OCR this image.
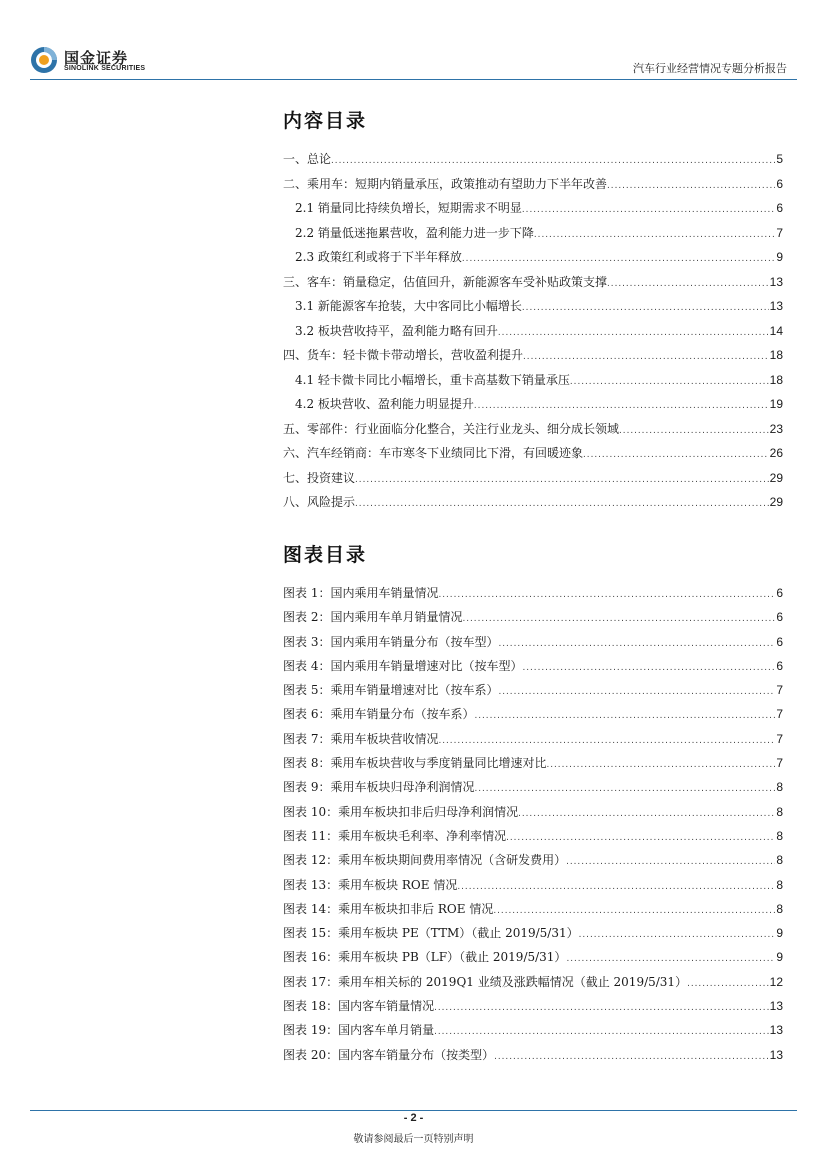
国金证券
SINOLINK SECURITIES	汽车行业经营情况专题分析报告
内容目录
一、总论 .....	5
二、乘用车：短期内销量承压，政策推动有望助力下半年改善 .....	6
2.1 销量同比持续负增长，短期需求不明显 .....	6
2.2 销量低迷拖累营收，盈利能力进一步下降 .....	7
2.3 政策红利或将于下半年释放 .....	9
三、客车：销量稳定，估值回升，新能源客车受补贴政策支撑 .....	13
3.1 新能源客车抢装，大中客同比小幅增长 .....	13
3.2 板块营收持平，盈利能力略有回升 .....	14
四、货车：轻卡微卡带动增长，营收盈利提升 .....	18
4.1 轻卡微卡同比小幅增长，重卡高基数下销量承压 .....	18
4.2 板块营收、盈利能力明显提升 .....	19
五、零部件：行业面临分化整合，关注行业龙头、细分成长领域 .....	23
六、汽车经销商：车市寒冬下业绩同比下滑，有回暖迹象 .....	26
七、投资建议 .....	29
八、风险提示 .....	29
图表目录
图表 1：国内乘用车销量情况 .....	6
图表 2：国内乘用车单月销量情况 .....	6
图表 3：国内乘用车销量分布（按车型） .....	6
图表 4：国内乘用车销量增速对比（按车型） .....	6
图表 5：乘用车销量增速对比（按车系） .....	7
图表 6：乘用车销量分布（按车系） .....	7
图表 7：乘用车板块营收情况 .....	7
图表 8：乘用车板块营收与季度销量同比增速对比 .....	7
图表 9：乘用车板块归母净利润情况 .....	8
图表 10：乘用车板块扣非后归母净利润情况 .....	8
图表 11：乘用车板块毛利率、净利率情况 .....	8
图表 12：乘用车板块期间费用率情况（含研发费用） .....	8
图表 13：乘用车板块 ROE 情况 .....	8
图表 14：乘用车板块扣非后 ROE 情况 .....	8
图表 15：乘用车板块 PE（TTM）（截止 2019/5/31） .....	9
图表 16：乘用车板块 PB（LF）（截止 2019/5/31） .....	9
图表 17：乘用车相关标的 2019Q1 业绩及涨跌幅情况（截止 2019/5/31） .....	12
图表 18：国内客车销量情况 .....	13
图表 19：国内客车单月销量 .....	13
图表 20：国内客车销量分布（按类型） .....	13
- 2 -
敬请参阅最后一页特别声明
